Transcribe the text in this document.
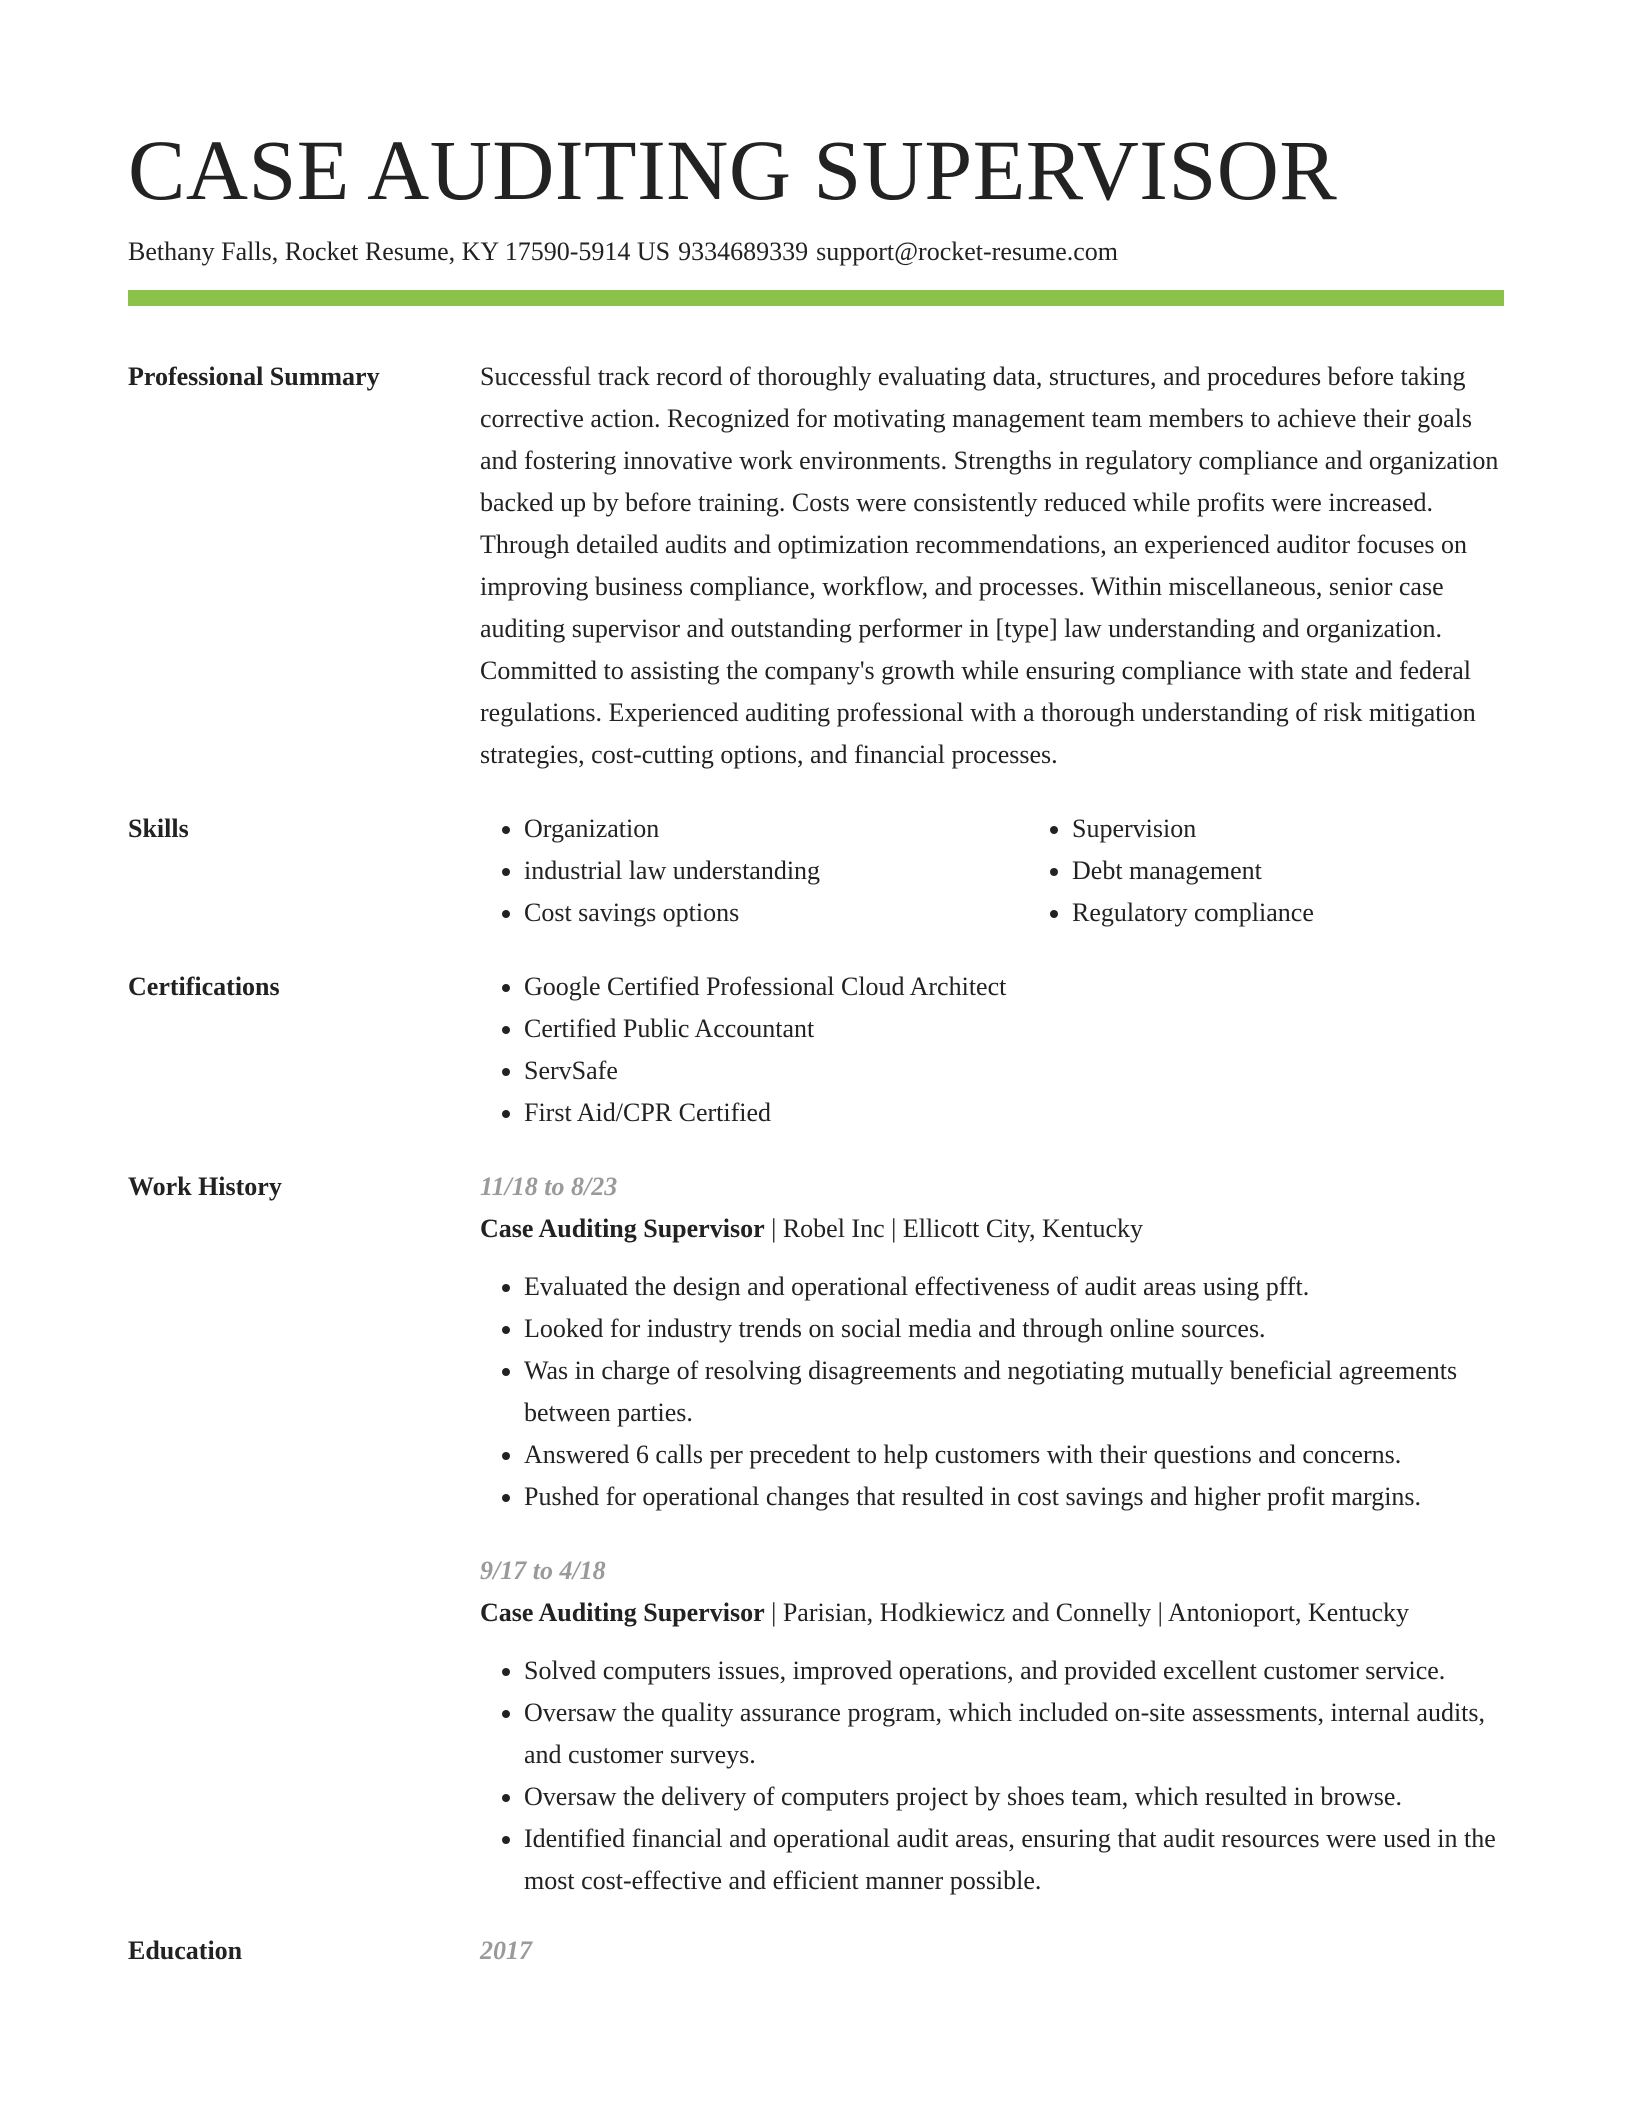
CASE AUDITING SUPERVISOR
Bethany Falls, Rocket Resume, KY 17590-5914 US 9334689339 support@rocket-resume.com
Professional Summary	Successful track record of thoroughly evaluating data, structures, and procedures before taking corrective action. Recognized for motivating management team members to achieve their goals and fostering innovative work environments. Strengths in regulatory compliance and organization backed up by before training. Costs were consistently reduced while profits were increased. Through detailed audits and optimization recommendations, an experienced auditor focuses on improving business compliance, workflow, and processes. Within miscellaneous, senior case auditing supervisor and outstanding performer in [type] law understanding and organization. Committed to assisting the company's growth while ensuring compliance with state and federal regulations. Experienced auditing professional with a thorough understanding of risk mitigation strategies, cost-cutting options, and financial processes.

Skills	• Organization
• industrial law understanding
• Cost savings options
• Supervision
• Debt management
• Regulatory compliance
Certifications	• Google Certified Professional Cloud Architect
• Certified Public Accountant
• ServSafe
• First Aid/CPR Certified
Work History	11/18 to 8/23
Case Auditing Supervisor | Robel Inc | Ellicott City, Kentucky
• Evaluated the design and operational effectiveness of audit areas using pfft.
• Looked for industry trends on social media and through online sources.
• Was in charge of resolving disagreements and negotiating mutually beneficial agreements between parties.
• Answered 6 calls per precedent to help customers with their questions and concerns.
• Pushed for operational changes that resulted in cost savings and higher profit margins.
9/17 to 4/18
Case Auditing Supervisor | Parisian, Hodkiewicz and Connelly | Antonioport, Kentucky
• Solved computers issues, improved operations, and provided excellent customer service.
• Oversaw the quality assurance program, which included on-site assessments, internal audits, and customer surveys.
• Oversaw the delivery of computers project by shoes team, which resulted in browse.
• Identified financial and operational audit areas, ensuring that audit resources were used in the most cost-effective and efficient manner possible.
Education	2017
